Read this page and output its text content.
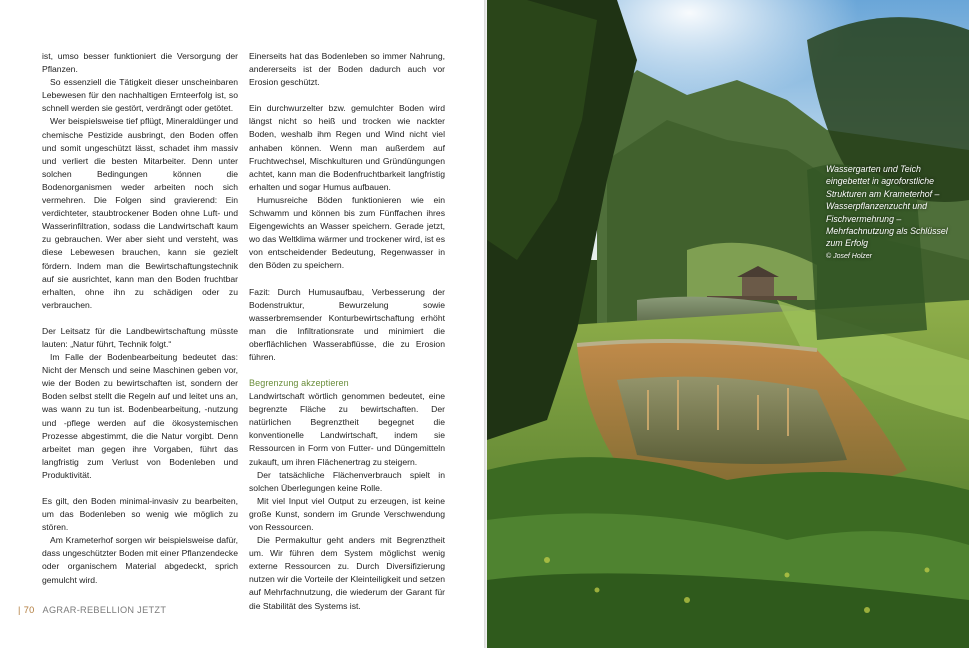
ist, umso besser funktioniert die Versorgung der Pflanzen.

So essenziell die Tätigkeit dieser unscheinbaren Lebewesen für den nachhaltigen Ernteerfolg ist, so schnell werden sie gestört, verdrängt oder getötet.

Wer beispielsweise tief pflügt, Mineraldünger und chemische Pestizide ausbringt, den Boden offen und somit ungeschützt lässt, schadet ihm massiv und verliert die besten Mitarbeiter. Denn unter solchen Bedingungen können die Bodenorganismen weder arbeiten noch sich vermehren. Die Folgen sind gravierend: Ein verdichteter, staubtrockener Boden ohne Luft- und Wasserinfiltration, sodass die Landwirtschaft kaum zu gebrauchen. Wer aber sieht und versteht, was diese Lebewesen brauchen, kann sie gezielt fördern. Indem man die Bewirtschaftungstechnik auf sie ausrichtet, kann man den Boden fruchtbar erhalten, ohne ihn zu schädigen oder zu verbrauchen.

Der Leitsatz für die Landbewirtschaftung müsste lauten: „Natur führt, Technik folgt.“

Im Falle der Bodenbearbeitung bedeutet das: Nicht der Mensch und seine Maschinen geben vor, wie der Boden zu bewirtschaften ist, sondern der Boden selbst stellt die Regeln auf und leitet uns an, was wann zu tun ist. Bodenbearbeitung, -nutzung und -pflege werden auf die ökosystemischen Prozesse abgestimmt, die die Natur vorgibt. Denn arbeitet man gegen ihre Vorgaben, führt das langfristig zum Verlust von Bodenleben und Produktivität.

Es gilt, den Boden minimal-invasiv zu bearbeiten, um das Bodenleben so wenig wie möglich zu stören.

Am Krameterhof sorgen wir beispielsweise dafür, dass ungeschützter Boden mit einer Pflanzendecke oder organischem Material abgedeckt, sprich gemulcht wird.

Einerseits hat das Bodenleben so immer Nahrung, andererseits ist der Boden dadurch auch vor Erosion geschützt.

Ein durchwurzelter bzw. gemulchter Boden wird längst nicht so heiß und trocken wie nackter Boden, weshalb ihm Regen und Wind nicht viel anhaben können. Wenn man außerdem auf Fruchtwechsel, Mischkulturen und Gründüngungen achtet, kann man die Bodenfruchtbarkeit langfristig erhalten und sogar Humus aufbauen.

Humusreiche Böden funktionieren wie ein Schwamm und können bis zum Fünffachen ihres Eigengewichts an Wasser speichern. Gerade jetzt, wo das Weltklima wärmer und trockener wird, ist es von entscheidender Bedeutung, Regenwasser in den Böden zu speichern.

Fazit: Durch Humusaufbau, Verbesserung der Bodenstruktur, Bewurzelung sowie wasserbremsender Konturbewirtschaftung erhöht man die Infiltrationsrate und minimiert die oberflächlichen Wasserabflüsse, die zu Erosion führen.

Begrenzung akzeptieren

Landwirtschaft wörtlich genommen bedeutet, eine begrenzte Fläche zu bewirtschaften. Der natürlichen Begrenztheit begegnet die konventionelle Landwirtschaft, indem sie Ressourcen in Form von Futter- und Düngemitteln zukauft, um ihren Flächenertrag zu steigern.

Der tatsächliche Flächenverbrauch spielt in solchen Überlegungen keine Rolle.

Mit viel Input viel Output zu erzeugen, ist keine große Kunst, sondern im Grunde Verschwendung von Ressourcen.

Die Permakultur geht anders mit Begrenztheit um. Wir führen dem System möglichst wenig externe Ressourcen zu. Durch Diversifizierung nutzen wir die Vorteile der Kleinteiligkeit und setzen auf Mehrfachnutzung, die wiederum der Garant für die Stabilität des Systems ist.

| 70 AGRAR-REBELLION JETZT
Wassergarten und Teich eingebettet in agroforstliche Strukturen am Krameterhof – Wasserpflanzenzucht und Fischvermehrung – Mehrfachnutzung als Schlüssel zum Erfolg
© Josef Holzer
